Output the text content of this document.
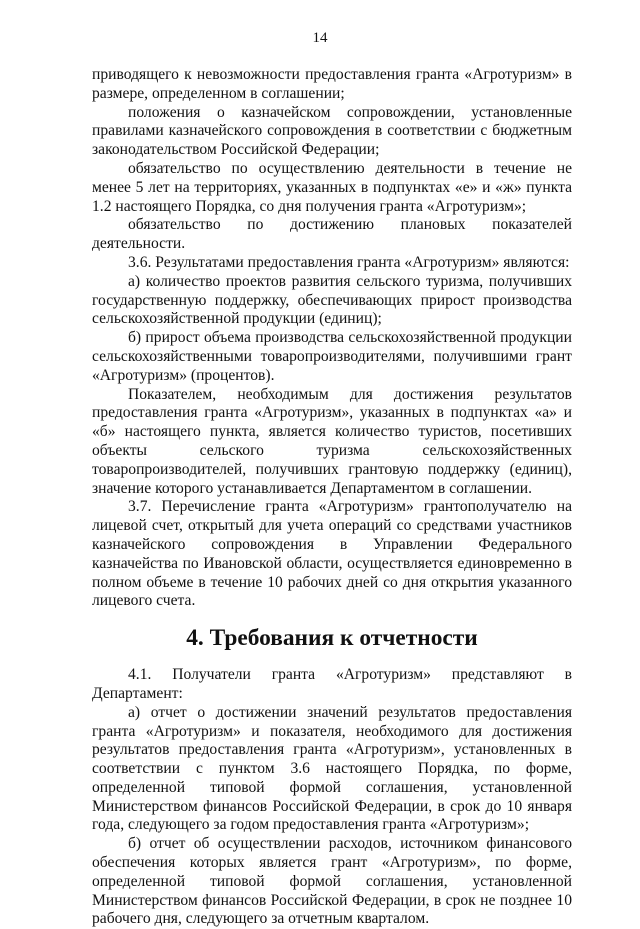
14

приводящего к невозможности предоставления гранта «Агротуризм» в размере, определенном в соглашении;

положения о казначейском сопровождении, установленные правилами казначейского сопровождения в соответствии с бюджетным законодательством Российской Федерации;

обязательство по осуществлению деятельности в течение не менее 5 лет на территориях, указанных в подпунктах «е» и «ж» пункта 1.2 настоящего Порядка, со дня получения гранта «Агротуризм»;

обязательство по достижению плановых показателей деятельности.

3.6. Результатами предоставления гранта «Агротуризм» являются:

а) количество проектов развития сельского туризма, получивших государственную поддержку, обеспечивающих прирост производства сельскохозяйственной продукции (единиц);

б) прирост объема производства сельскохозяйственной продукции сельскохозяйственными товаропроизводителями, получившими грант «Агротуризм» (процентов).

Показателем, необходимым для достижения результатов предоставления гранта «Агротуризм», указанных в подпунктах «а» и «б» настоящего пункта, является количество туристов, посетивших объекты сельского туризма сельскохозяйственных товаропроизводителей, получивших грантовую поддержку (единиц), значение которого устанавливается Департаментом в соглашении.

3.7. Перечисление гранта «Агротуризм» грантополучателю на лицевой счет, открытый для учета операций со средствами участников казначейского сопровождения в Управлении Федерального казначейства по Ивановской области, осуществляется единовременно в полном объеме в течение 10 рабочих дней со дня открытия указанного лицевого счета.

4. Требования к отчетности

4.1. Получатели гранта «Агротуризм» представляют в Департамент:

а) отчет о достижении значений результатов предоставления гранта «Агротуризм» и показателя, необходимого для достижения результатов предоставления гранта «Агротуризм», установленных в соответствии с пунктом 3.6 настоящего Порядка, по форме, определенной типовой формой соглашения, установленной Министерством финансов Российской Федерации, в срок до 10 января года, следующего за годом предоставления гранта «Агротуризм»;

б) отчет об осуществлении расходов, источником финансового обеспечения которых является грант «Агротуризм», по форме, определенной типовой формой соглашения, установленной Министерством финансов Российской Федерации, в срок не позднее 10 рабочего дня, следующего за отчетным кварталом.
